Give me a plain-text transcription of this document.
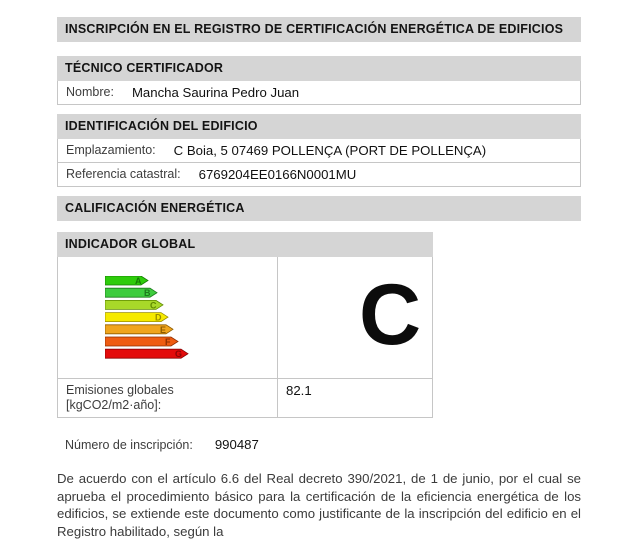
INSCRIPCIÓN EN EL REGISTRO DE CERTIFICACIÓN ENERGÉTICA DE EDIFICIOS
TÉCNICO CERTIFICADOR
Nombre: Mancha Saurina Pedro Juan
IDENTIFICACIÓN DEL EDIFICIO
Emplazamiento: C Boia, 5 07469 POLLENÇA (PORT DE POLLENÇA)
Referencia catastral: 6769204EE0166N0001MU
CALIFICACIÓN ENERGÉTICA
INDICADOR GLOBAL
A
B
C
D
E
F
G C
Emisiones globales [kgCO2/m2·año]:
82.1
Número de inscripción: 990487
De acuerdo con el artículo 6.6 del Real decreto 390/2021, de 1 de junio, por el cual se aprueba el procedimiento básico para la certificación de la eficiencia energética de los edificios, se extiende este documento como justificante de la inscripción del edificio en el Registro habilitado, según la
